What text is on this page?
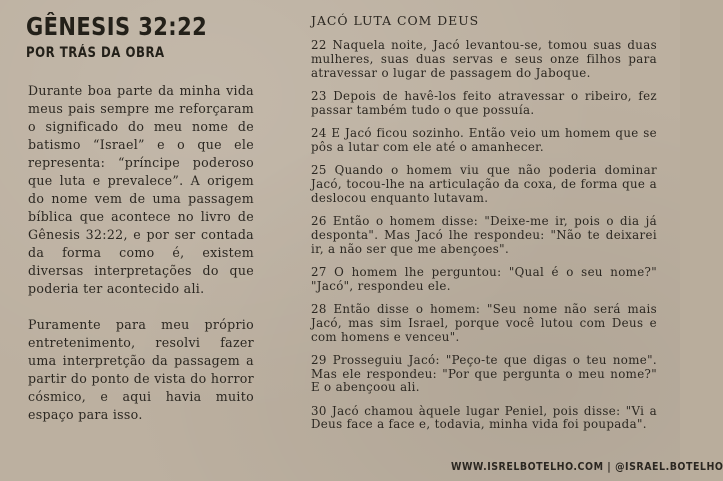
GÊNESIS 32:22
POR TRÁS DA OBRA

Durante boa parte da minha vida meus pais sempre me reforçaram o significado do meu nome de batismo “Israel” e o que ele representa: “príncipe poderoso que luta e prevalece”. A origem do nome vem de uma passagem bíblica que acontece no livro de Gênesis 32:22, e por ser contada da forma como é, existem diversas interpretações do que poderia ter acontecido ali.

Puramente para meu próprio entretenimento, resolvi fazer uma interpretção da passagem a partir do ponto de vista do horror cósmico, e aqui havia muito espaço para isso.

JACÓ LUTA COM DEUS

22 Naquela noite, Jacó levantou-se, tomou suas duas mulheres, suas duas servas e seus onze filhos para atravessar o lugar de passagem do Jaboque.

23 Depois de havê-los feito atravessar o ribeiro, fez passar também tudo o que possuía.

24 E Jacó ficou sozinho. Então veio um homem que se pôs a lutar com ele até o amanhecer.

25 Quando o homem viu que não poderia dominar Jacó, tocou-lhe na articulação da coxa, de forma que a deslocou enquanto lutavam.

26 Então o homem disse: "Deixe-me ir, pois o dia já desponta". Mas Jacó lhe respondeu: "Não te deixarei ir, a não ser que me abençoes".

27 O homem lhe perguntou: "Qual é o seu nome?" "Jacó", respondeu ele.

28 Então disse o homem: "Seu nome não será mais Jacó, mas sim Israel, porque você lutou com Deus e com homens e venceu".

29 Prosseguiu Jacó: "Peço-te que digas o teu nome". Mas ele respondeu: "Por que pergunta o meu nome?" E o abençoou ali.

30 Jacó chamou àquele lugar Peniel, pois disse: "Vi a Deus face a face e, todavia, minha vida foi poupada".

WWW.ISRELBOTELHO.COM | @ISRAEL.BOTELHO
